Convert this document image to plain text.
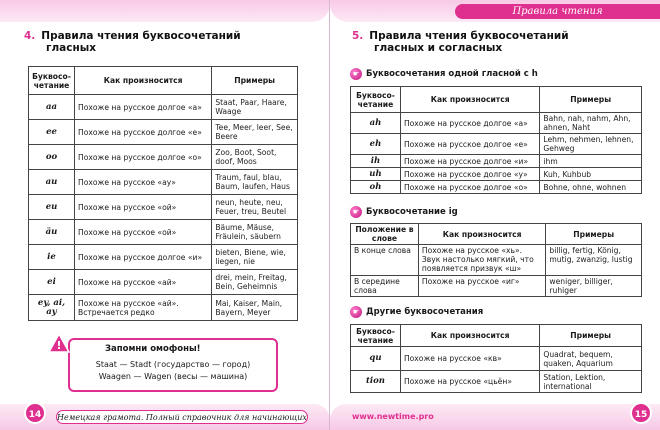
4. Правила чтения буквосочетаний
гласных
Буквосо-четание	Как произносится	Примеры
aa	Похоже на русское долгое «а»	Staat, Paar, Haare, Waage
ee	Похоже на русское долгое «е»	Tee, Meer, leer, See, Beere
oo	Похоже на русское долгое «о»	Zoo, Boot, Soot, doof, Moos
au	Похоже на русское «ау»	Traum, faul, blau, Baum, laufen, Haus
eu	Похоже на русское «ой»	neun, heute, neu, Feuer, treu, Beutel
äu	Похоже на русское «ой»	Bäume, Mäuse, Fräulein, säubern
ie	Похоже на русское долгое «и»	bieten, Biene, wie, liegen, nie
ei	Похоже на русское «ай»	drei, mein, Freitag, Bein, Geheimnis
ey, ai, ay	Похоже на русское «ай». Встречается редко	Mai, Kaiser, Main, Bayern, Meyer
Запомни омофоны!
Staat — Stadt (государство — город)
Waagen — Wagen (весы — машина)
!
14	Немецкая грамота. Полный справочник для начинающих
Правила чтения
5. Правила чтения буквосочетаний
гласных и согласных
☛ Буквосочетания одной гласной с h
Буквосо-четание	Как произносится	Примеры
ah	Похоже на русское долгое «а»	Bahn, nah, nahm, Ahn, ahnen, Naht
eh	Похоже на русское долгое «е»	Lehm, nehmen, lehnen, Gehweg
ih	Похоже на русское долгое «и»	ihm
uh	Похоже на русское долгое «у»	Kuh, Kuhbub
oh	Похоже на русское долгое «о»	Bohne, ohne, wohnen
☛ Буквосочетание ig
Положение в слове	Как произносится	Примеры
В конце слова	Похоже на русское «хь». Звук настолько мягкий, что появляется призвук «ш»	billig, fertig, König, mutig, zwanzig, lustig
В середине слова	Похоже на русское «иг»	weniger, billiger, ruhiger
☛ Другие буквосочетания
Буквосо-четание	Как произносится	Примеры
qu	Похоже на русское «кв»	Quadrat, bequem, quaken, Aquarium
tion	Похоже на русское «цьён»	Station, Lektion, international
www.newtime.pro	15
